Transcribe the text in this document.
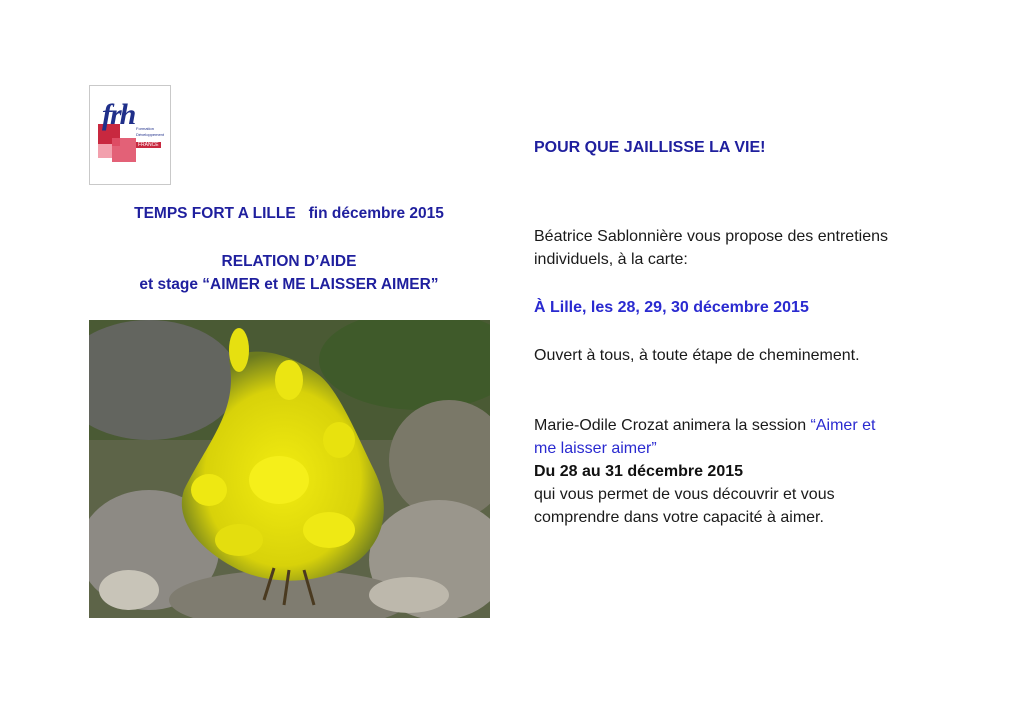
frh Formation Développement
FRANCE
TEMPS FORT A LILLE   fin décembre 2015
RELATION D’AIDE
et stage “AIMER et ME LAISSER AIMER”
POUR QUE JAILLISSE LA VIE!
Béatrice Sablonnière vous propose des entretiens
individuels, à la carte:
À Lille, les 28, 29, 30 décembre 2015
Ouvert à tous, à toute étape de cheminement.
Marie-Odile Crozat animera la session “Aimer et
me laisser aimer”
Du 28 au 31 décembre 2015
qui vous permet de vous découvrir et vous
comprendre dans votre capacité à aimer.
